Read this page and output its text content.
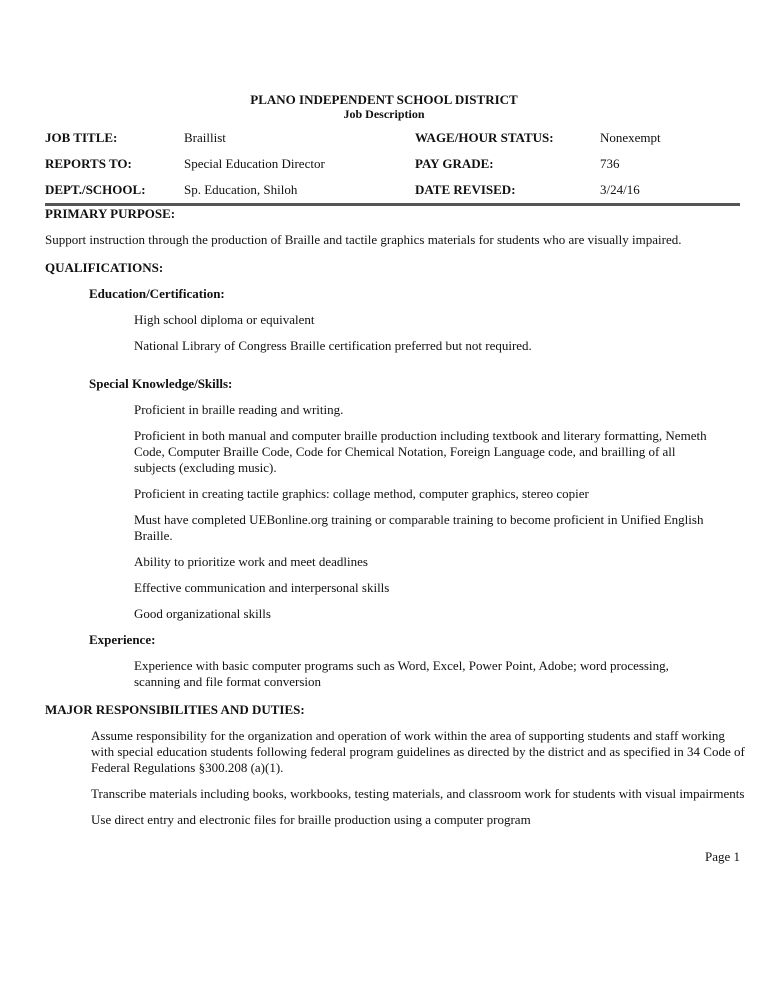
PLANO INDEPENDENT SCHOOL DISTRICT
Job Description
JOB TITLE:	Braillist	WAGE/HOUR STATUS:	Nonexempt
REPORTS TO:	Special Education Director	PAY GRADE:	736
DEPT./SCHOOL:	Sp. Education, Shiloh	DATE REVISED:	3/24/16
PRIMARY PURPOSE:
Support instruction through the production of Braille and tactile graphics materials for students who are visually impaired.
QUALIFICATIONS:
Education/Certification:
High school diploma or equivalent
National Library of Congress Braille certification preferred but not required.
Special Knowledge/Skills:
Proficient in braille reading and writing.
Proficient in both manual and computer braille production including textbook and literary formatting, Nemeth Code, Computer Braille Code, Code for Chemical Notation, Foreign Language code, and brailling of all subjects (excluding music).
Proficient in creating tactile graphics: collage method, computer graphics, stereo copier
Must have completed UEBonline.org training or comparable training to become proficient in Unified English Braille.
Ability to prioritize work and meet deadlines
Effective communication and interpersonal skills
Good organizational skills
Experience:
Experience with basic computer programs such as Word, Excel, Power Point, Adobe; word processing, scanning and file format conversion
MAJOR RESPONSIBILITIES AND DUTIES:
Assume responsibility for the organization and operation of work within the area of supporting students and staff working with special education students following federal program guidelines as directed by the district and as specified in 34 Code of Federal Regulations §300.208 (a)(1).
Transcribe materials including books, workbooks, testing materials, and classroom work for students with visual impairments
Use direct entry and electronic files for braille production using a computer program
Page 1
